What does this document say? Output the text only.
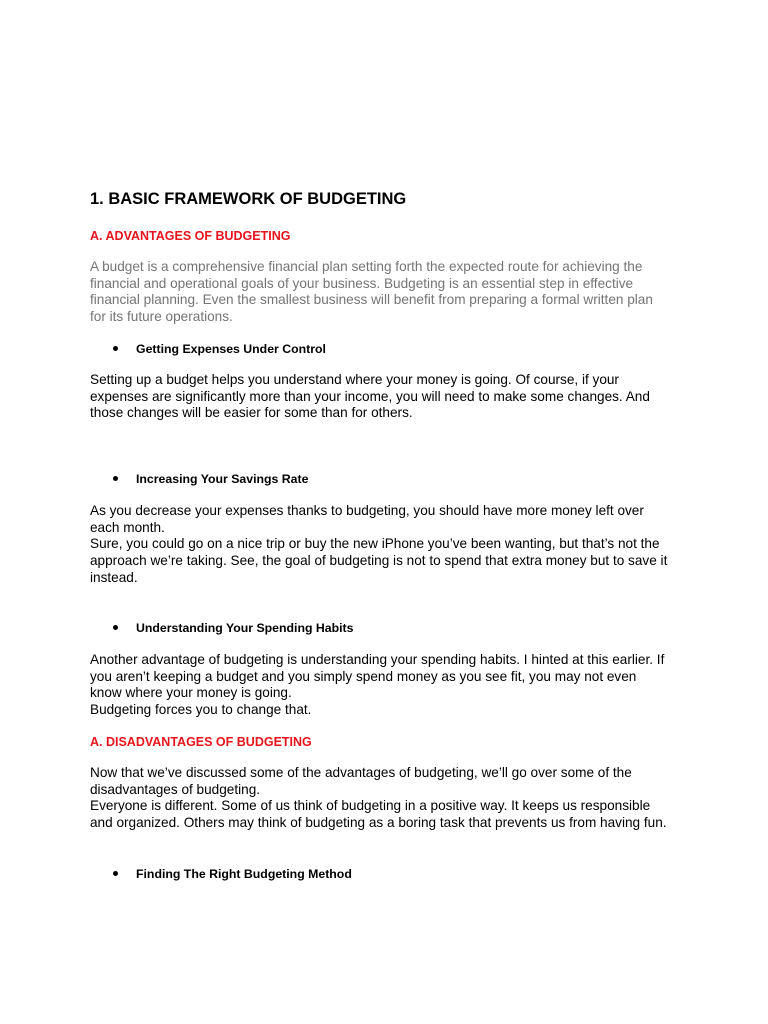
1. BASIC FRAMEWORK OF BUDGETING
A. ADVANTAGES OF BUDGETING

A budget is a comprehensive financial plan setting forth the expected route for achieving the
financial and operational goals of your business. Budgeting is an essential step in effective
financial planning. Even the smallest business will benefit from preparing a formal written plan
for its future operations.

Getting Expenses Under Control

Setting up a budget helps you understand where your money is going. Of course, if your
expenses are significantly more than your income, you will need to make some changes. And
those changes will be easier for some than for others.

Increasing Your Savings Rate

As you decrease your expenses thanks to budgeting, you should have more money left over
each month.
Sure, you could go on a nice trip or buy the new iPhone you’ve been wanting, but that’s not the
approach we’re taking. See, the goal of budgeting is not to spend that extra money but to save it
instead.

Understanding Your Spending Habits

Another advantage of budgeting is understanding your spending habits. I hinted at this earlier. If
you aren’t keeping a budget and you simply spend money as you see fit, you may not even
know where your money is going.
Budgeting forces you to change that.

A. DISADVANTAGES OF BUDGETING

Now that we’ve discussed some of the advantages of budgeting, we’ll go over some of the
disadvantages of budgeting.
Everyone is different. Some of us think of budgeting in a positive way. It keeps us responsible
and organized. Others may think of budgeting as a boring task that prevents us from having fun.

Finding The Right Budgeting Method
